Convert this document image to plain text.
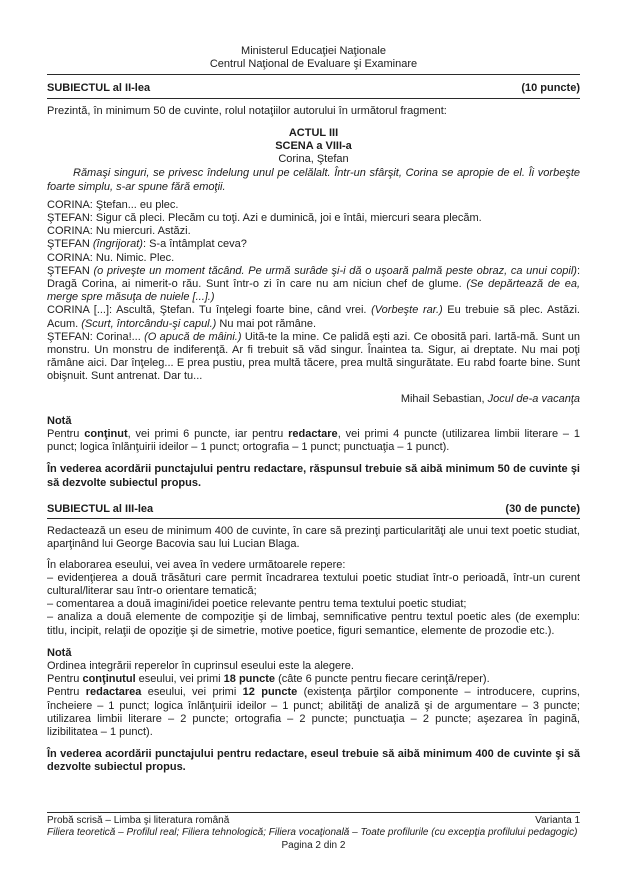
Ministerul Educaţiei Naţionale

Centrul Naţional de Evaluare şi Examinare

SUBIECTUL al II-lea	(10 puncte)

Prezintă, în minimum 50 de cuvinte, rolul notaţiilor autorului în următorul fragment:

ACTUL III

SCENA a VIII-a

Corina, Ştefan

Rămaşi singuri, se privesc îndelung unul pe celălalt. Într-un sfârşit, Corina se apropie de el. Îi vorbeşte foarte simplu, s-ar spune fără emoţii.

CORINA: Ştefan... eu plec.

ŞTEFAN: Sigur că pleci. Plecăm cu toţi. Azi e duminică, joi e întâi, miercuri seara plecăm.

CORINA: Nu miercuri. Astăzi.

ŞTEFAN (îngrijorat): S-a întâmplat ceva?

CORINA: Nu. Nimic. Plec.

ŞTEFAN (o priveşte un moment tăcând. Pe urmă surâde şi-i dă o uşoară palmă peste obraz, ca unui copil): Dragă Corina, ai nimerit-o rău. Sunt într-o zi în care nu am niciun chef de glume. (Se depărtează de ea, merge spre măsuţa de nuiele [...].)

CORINA [...]: Ascultă, Ştefan. Tu înţelegi foarte bine, când vrei. (Vorbeşte rar.) Eu trebuie să plec. Astăzi. Acum. (Scurt, întorcându-şi capul.) Nu mai pot rămâne.

ŞTEFAN: Corina!... (O apucă de mâini.) Uită-te la mine. Ce palidă eşti azi. Ce obosită pari. Iartă-mă. Sunt un monstru. Un monstru de indiferenţă. Ar fi trebuit să văd singur. Înaintea ta. Sigur, ai dreptate. Nu mai poţi rămâne aici. Dar înţeleg... E prea pustiu, prea multă tăcere, prea multă singurătate. Eu rabd foarte bine. Sunt obişnuit. Sunt antrenat. Dar tu...

Mihail Sebastian, Jocul de-a vacanţa

Notă

Pentru conţinut, vei primi 6 puncte, iar pentru redactare, vei primi 4 puncte (utilizarea limbii literare – 1 punct; logica înlănţuirii ideilor – 1 punct; ortografia – 1 punct; punctuaţia – 1 punct).

În vederea acordării punctajului pentru redactare, răspunsul trebuie să aibă minimum 50 de cuvinte şi să dezvolte subiectul propus.

SUBIECTUL al III-lea	(30 de puncte)

Redactează un eseu de minimum 400 de cuvinte, în care să prezinţi particularităţi ale unui text poetic studiat, aparţinând lui George Bacovia sau lui Lucian Blaga.

În elaborarea eseului, vei avea în vedere următoarele repere:

– evidenţierea a două trăsături care permit încadrarea textului poetic studiat într-o perioadă, într-un curent cultural/literar sau într-o orientare tematică;

– comentarea a două imagini/idei poetice relevante pentru tema textului poetic studiat;

– analiza a două elemente de compoziţie şi de limbaj, semnificative pentru textul poetic ales (de exemplu: titlu, incipit, relaţii de opoziţie şi de simetrie, motive poetice, figuri semantice, elemente de prozodie etc.).

Notă

Ordinea integrării reperelor în cuprinsul eseului este la alegere.

Pentru conţinutul eseului, vei primi 18 puncte (câte 6 puncte pentru fiecare cerinţă/reper).

Pentru redactarea eseului, vei primi 12 puncte (existenţa părţilor componente – introducere, cuprins, încheiere – 1 punct; logica înlănţuirii ideilor – 1 punct; abilităţi de analiză şi de argumentare – 3 puncte; utilizarea limbii literare – 2 puncte; ortografia – 2 puncte; punctuaţia – 2 puncte; aşezarea în pagină, lizibilitatea – 1 punct).

În vederea acordării punctajului pentru redactare, eseul trebuie să aibă minimum 400 de cuvinte şi să dezvolte subiectul propus.

Probă scrisă – Limba şi literatura română	Varianta 1

Filiera teoretică – Profilul real; Filiera tehnologică; Filiera vocaţională – Toate profilurile (cu excepţia profilului pedagogic)

Pagina 2 din 2
